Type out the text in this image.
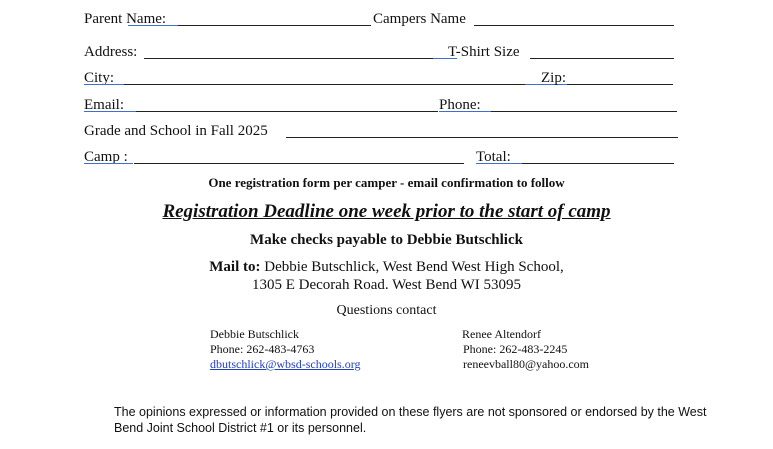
Parent Name:	Campers Name
Address:	T-Shirt Size
City:	Zip:
Email:	Phone:
Grade and School in Fall 2025
Camp :	Total:
One registration form per camper - email confirmation to follow
Registration Deadline one week prior to the start of camp
Make checks payable to Debbie Butschlick
Mail to: Debbie Butschlick, West Bend West High School,
1305 E Decorah Road. West Bend WI 53095
Questions contact
Debbie Butschlick
Phone: 262-483-4763
dbutschlick@wbsd-schools.org
Renee Altendorf
Phone: 262-483-2245
reneevball80@yahoo.com
The opinions expressed or information provided on these flyers are not sponsored or endorsed by the West Bend Joint School District #1 or its personnel.
